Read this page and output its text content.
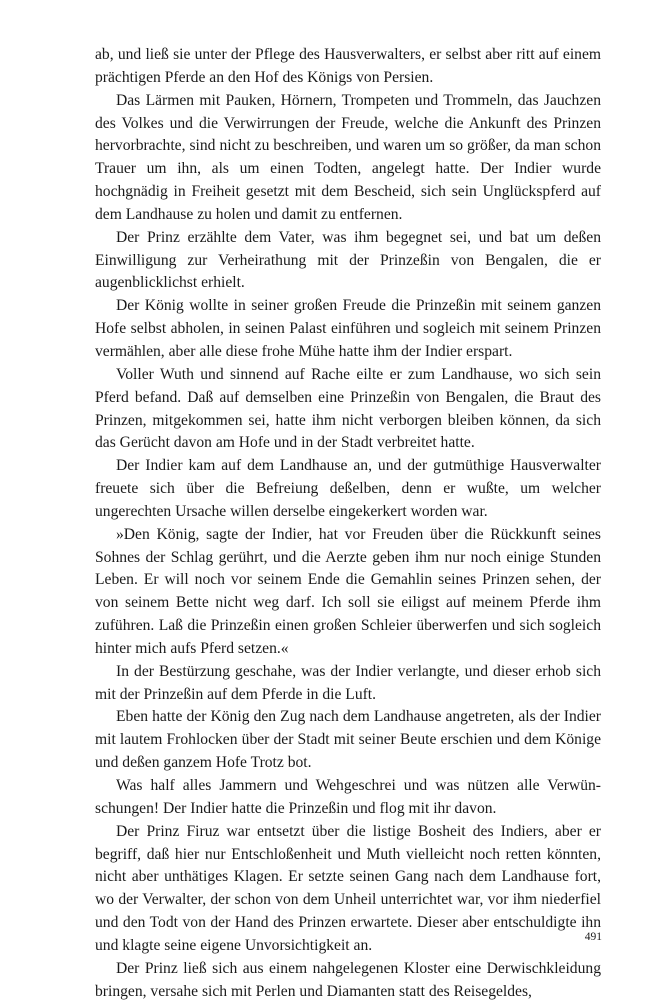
ab, und ließ sie unter der Pflege des Hausverwalters, er selbst aber ritt auf einem prächtigen Pferde an den Hof des Königs von Persien.

Das Lärmen mit Pauken, Hörnern, Trompeten und Trommeln, das Jauchzen des Volkes und die Verwirrungen der Freude, welche die Ankunft des Prinzen hervorbrachte, sind nicht zu beschreiben, und waren um so größer, da man schon Trauer um ihn, als um einen Todten, angelegt hatte. Der Indier wurde hochgnädig in Freiheit gesetzt mit dem Bescheid, sich sein Unglückspferd auf dem Landhause zu holen und damit zu entfernen.

Der Prinz erzählte dem Vater, was ihm begegnet sei, und bat um deßen Einwilligung zur Verheirathung mit der Prinzeßin von Bengalen, die er augenblicklichst erhielt.

Der König wollte in seiner großen Freude die Prinzeßin mit seinem ganzen Hofe selbst abholen, in seinen Palast einführen und sogleich mit seinem Prinzen vermählen, aber alle diese frohe Mühe hatte ihm der Indier erspart.

Voller Wuth und sinnend auf Rache eilte er zum Landhause, wo sich sein Pferd befand. Daß auf demselben eine Prinzeßin von Bengalen, die Braut des Prinzen, mitgekommen sei, hatte ihm nicht verborgen bleiben können, da sich das Gerücht davon am Hofe und in der Stadt verbreitet hatte.

Der Indier kam auf dem Landhause an, und der gutmüthige Hausverwalter freuete sich über die Befreiung deßelben, denn er wußte, um welcher ungerechten Ursache willen derselbe eingekerkert worden war.

»Den König, sagte der Indier, hat vor Freuden über die Rückkunft seines Sohnes der Schlag gerührt, und die Aerzte geben ihm nur noch einige Stunden Leben. Er will noch vor seinem Ende die Gemahlin seines Prinzen sehen, der von seinem Bette nicht weg darf. Ich soll sie eiligst auf meinem Pferde ihm zuführen. Laß die Prinzeßin einen großen Schleier überwerfen und sich sogleich hinter mich aufs Pferd setzen.«

In der Bestürzung geschahe, was der Indier verlangte, und dieser erhob sich mit der Prinzeßin auf dem Pferde in die Luft.

Eben hatte der König den Zug nach dem Landhause angetreten, als der Indier mit lautem Frohlocken über der Stadt mit seiner Beute erschien und dem Könige und deßen ganzem Hofe Trotz bot.

Was half alles Jammern und Wehgeschrei und was nützen alle Verwünschungen! Der Indier hatte die Prinzeßin und flog mit ihr davon.

Der Prinz Firuz war entsetzt über die listige Bosheit des Indiers, aber er begriff, daß hier nur Entschloßenheit und Muth vielleicht noch retten könnten, nicht aber unthätiges Klagen. Er setzte seinen Gang nach dem Landhause fort, wo der Verwalter, der schon von dem Unheil unterrichtet war, vor ihm niederfiel und den Todt von der Hand des Prinzen erwartete. Dieser aber entschuldigte ihn und klagte seine eigene Unvorsichtigkeit an.

Der Prinz ließ sich aus einem nahgelegenen Kloster eine Derwischkleidung bringen, versahe sich mit Perlen und Diamanten statt des Reisegeldes,

491
